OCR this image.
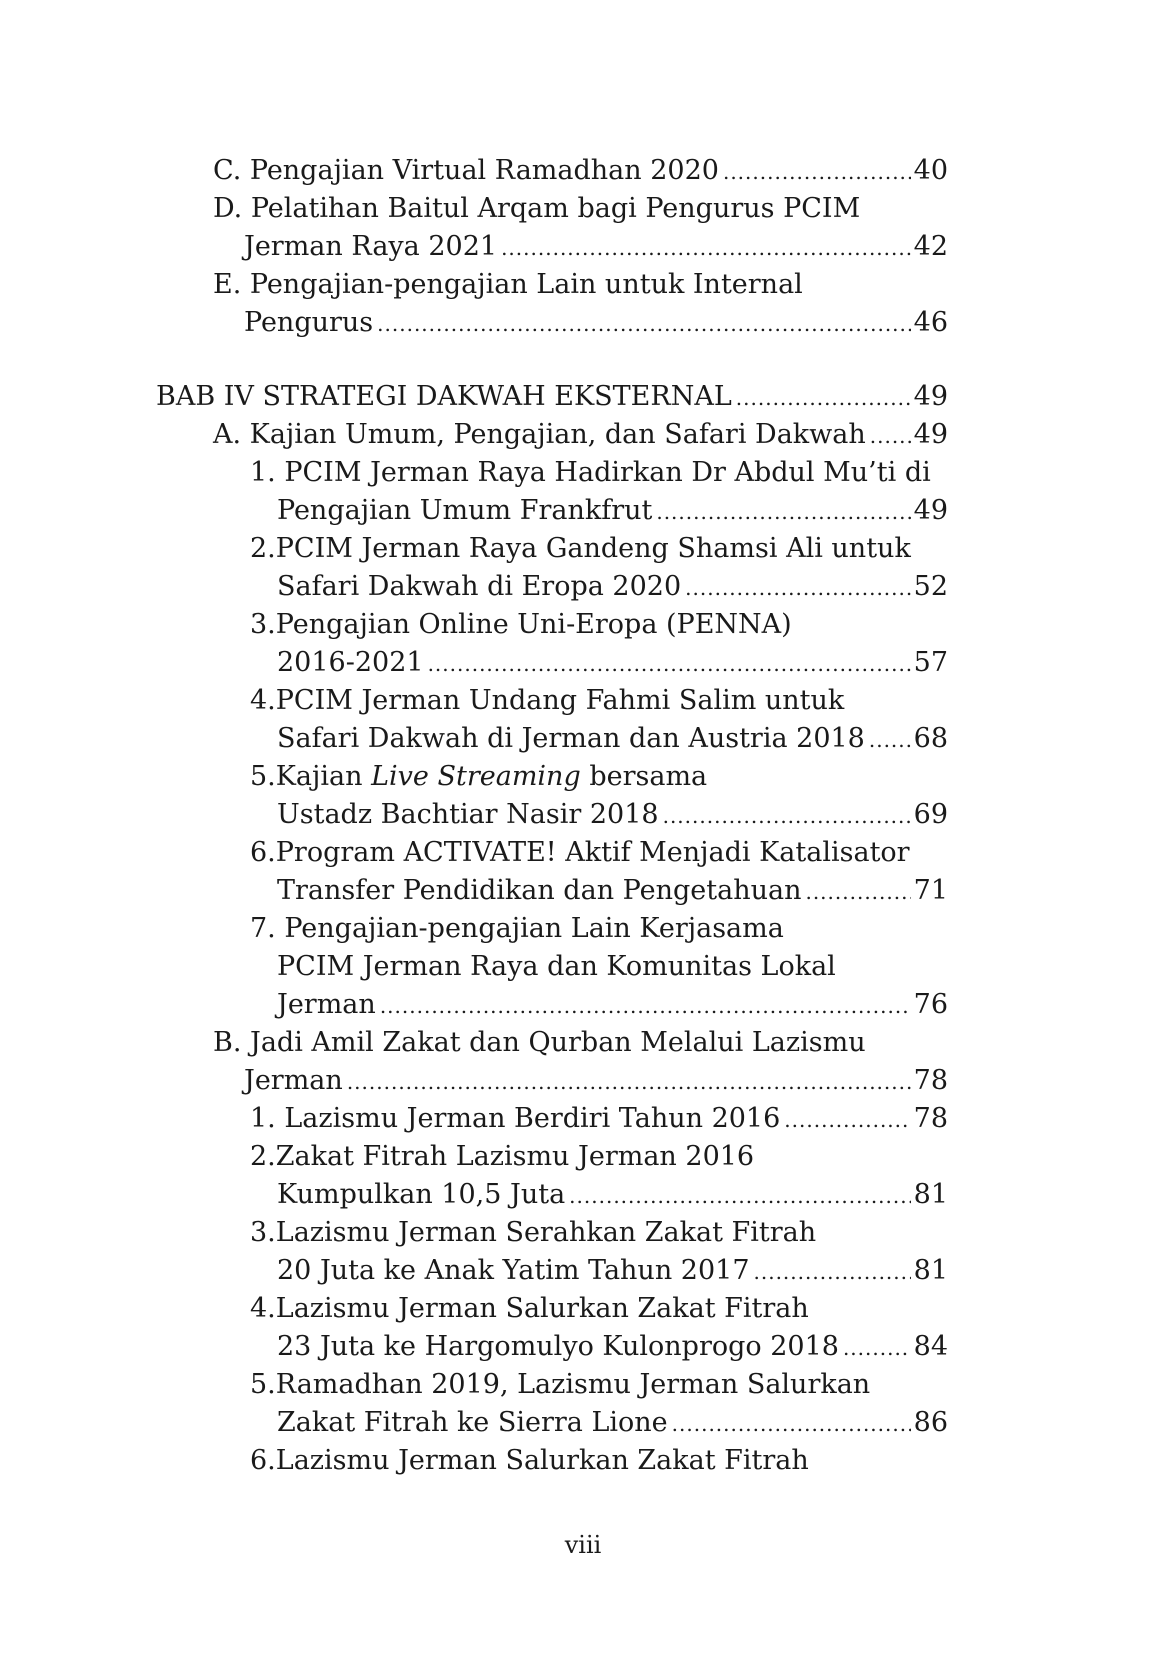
C. Pengajian Virtual Ramadhan 2020 .....	40
D. Pelatihan Baitul Arqam bagi Pengurus PCIM
Jerman Raya 2021 .....	42
E. Pengajian-pengajian Lain untuk Internal
Pengurus .....	46
BAB IV STRATEGI DAKWAH EKSTERNAL .....	49
A. Kajian Umum, Pengajian, dan Safari Dakwah ..... 49
1. PCIM Jerman Raya Hadirkan Dr Abdul Mu’ti di
Pengajian Umum Frankfrut .....	49
2.PCIM Jerman Raya Gandeng Shamsi Ali untuk
Safari Dakwah di Eropa 2020 .....	52
3.Pengajian Online Uni-Eropa (PENNA)
2016-2021 .....	57
4.PCIM Jerman Undang Fahmi Salim untuk
Safari Dakwah di Jerman dan Austria 2018 ..... 68
5.Kajian Live Streaming bersama
Ustadz Bachtiar Nasir 2018 .....	69
6.Program ACTIVATE! Aktif Menjadi Katalisator
Transfer Pendidikan dan Pengetahuan .....	71
7. Pengajian-pengajian Lain Kerjasama
PCIM Jerman Raya dan Komunitas Lokal
Jerman .....	76
B. Jadi Amil Zakat dan Qurban Melalui Lazismu
Jerman .....	78
1. Lazismu Jerman Berdiri Tahun 2016 .....	78
2.Zakat Fitrah Lazismu Jerman 2016
Kumpulkan 10,5 Juta .....	81
3.Lazismu Jerman Serahkan Zakat Fitrah
20 Juta ke Anak Yatim Tahun 2017 .....	81
4.Lazismu Jerman Salurkan Zakat Fitrah
23 Juta ke Hargomulyo Kulonprogo 2018 .....	84
5.Ramadhan 2019, Lazismu Jerman Salurkan
Zakat Fitrah ke Sierra Lione .....	86
6.Lazismu Jerman Salurkan Zakat Fitrah
viii
